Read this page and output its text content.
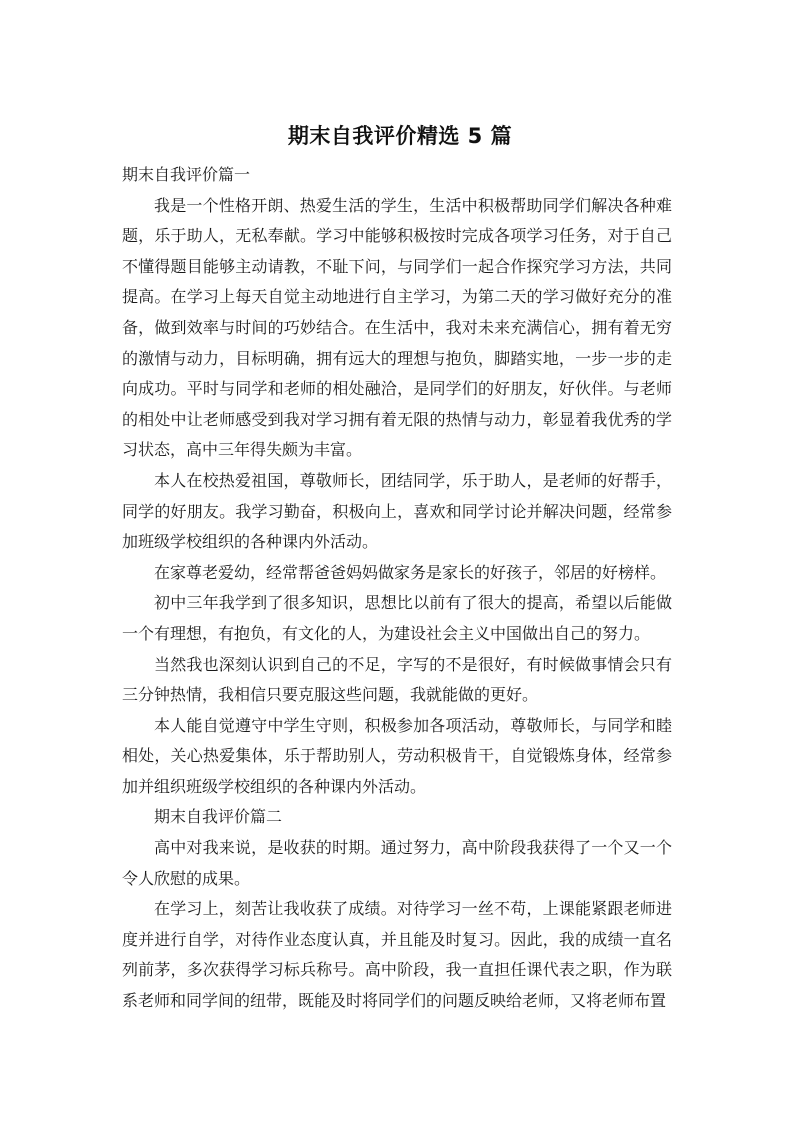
期末自我评价精选 5 篇

期末自我评价篇一

我是一个性格开朗、热爱生活的学生，生活中积极帮助同学们解决各种难题，乐于助人，无私奉献。学习中能够积极按时完成各项学习任务，对于自己不懂得题目能够主动请教，不耻下问，与同学们一起合作探究学习方法，共同提高。在学习上每天自觉主动地进行自主学习，为第二天的学习做好充分的准备，做到效率与时间的巧妙结合。在生活中，我对未来充满信心，拥有着无穷的激情与动力，目标明确，拥有远大的理想与抱负，脚踏实地，一步一步的走向成功。平时与同学和老师的相处融洽，是同学们的好朋友，好伙伴。与老师的相处中让老师感受到我对学习拥有着无限的热情与动力，彰显着我优秀的学习状态，高中三年得失颇为丰富。

本人在校热爱祖国，尊敬师长，团结同学，乐于助人，是老师的好帮手，同学的好朋友。我学习勤奋，积极向上，喜欢和同学讨论并解决问题，经常参加班级学校组织的各种课内外活动。

在家尊老爱幼，经常帮爸爸妈妈做家务是家长的好孩子，邻居的好榜样。

初中三年我学到了很多知识，思想比以前有了很大的提高，希望以后能做一个有理想，有抱负，有文化的人，为建设社会主义中国做出自己的努力。

当然我也深刻认识到自己的不足，字写的不是很好，有时候做事情会只有三分钟热情，我相信只要克服这些问题，我就能做的更好。

本人能自觉遵守中学生守则，积极参加各项活动，尊敬师长，与同学和睦相处，关心热爱集体，乐于帮助别人，劳动积极肯干，自觉锻炼身体，经常参加并组织班级学校组织的各种课内外活动。

期末自我评价篇二

高中对我来说，是收获的时期。通过努力，高中阶段我获得了一个又一个令人欣慰的成果。

在学习上，刻苦让我收获了成绩。对待学习一丝不苟，上课能紧跟老师进度并进行自学，对待作业态度认真，并且能及时复习。因此，我的成绩一直名列前茅，多次获得学习标兵称号。高中阶段，我一直担任课代表之职，作为联系老师和同学间的纽带，既能及时将同学们的问题反映给老师，又将老师布置
